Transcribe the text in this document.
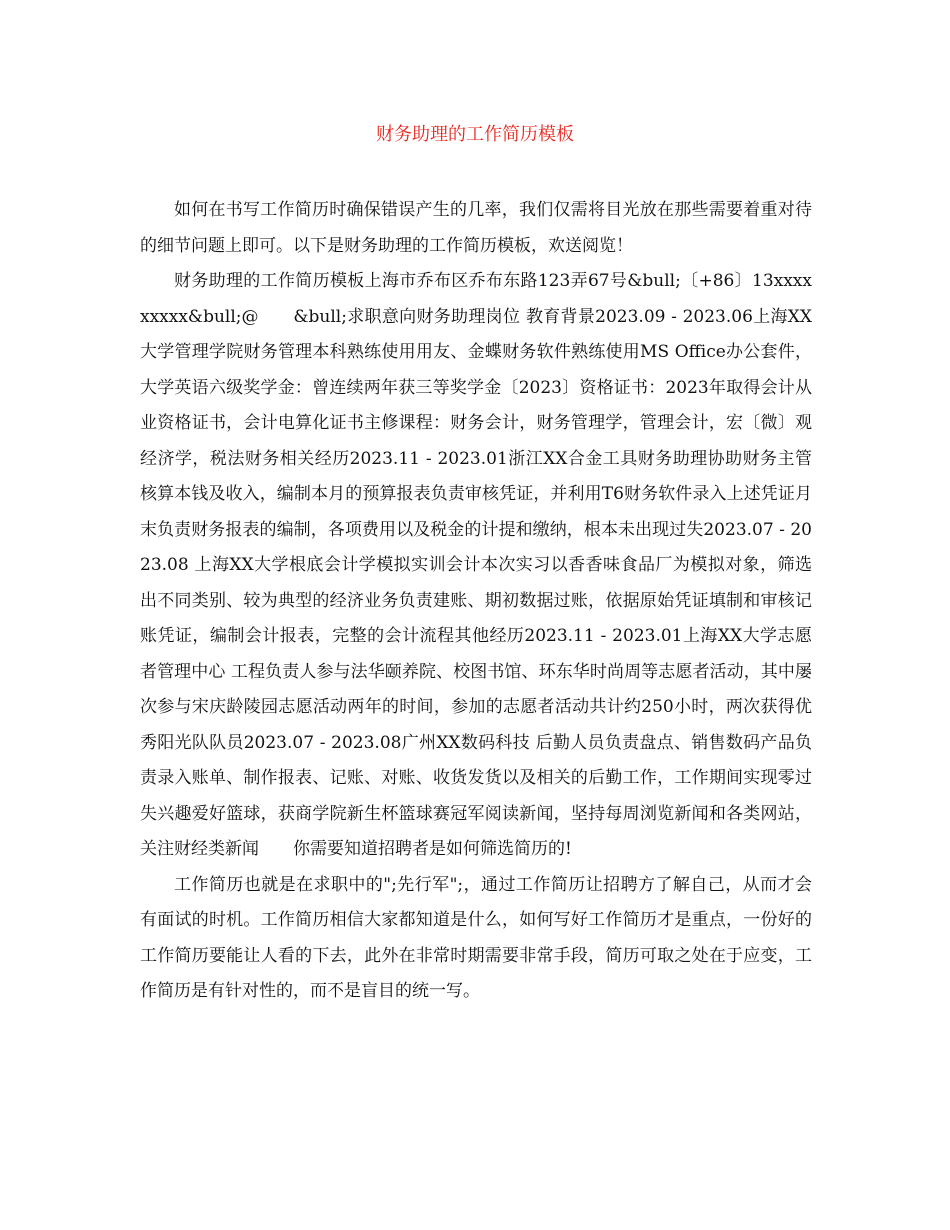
财务助理的工作简历模板

如何在书写工作简历时确保错误产生的几率，我们仅需将目光放在那些需要着重对待的细节问题上即可。以下是财务助理的工作简历模板，欢送阅览！

财务助理的工作简历模板上海市乔布区乔布东路123弄67号&bull;〔+86〕13xxxxxxxxx&bull;@　　&bull;求职意向财务助理岗位 教育背景2023.09 - 2023.06上海XX大学管理学院财务管理本科熟练使用用友、金蝶财务软件熟练使用MS Office办公套件，大学英语六级奖学金：曾连续两年获三等奖学金〔2023〕资格证书：2023年取得会计从业资格证书，会计电算化证书主修课程：财务会计，财务管理学，管理会计，宏〔微〕观经济学，税法财务相关经历2023.11 - 2023.01浙江XX合金工具财务助理协助财务主管核算本钱及收入，编制本月的预算报表负责审核凭证，并利用T6财务软件录入上述凭证月末负责财务报表的编制，各项费用以及税金的计提和缴纳，根本未出现过失2023.07 - 2023.08 上海XX大学根底会计学模拟实训会计本次实习以香香味食品厂为模拟对象，筛选出不同类别、较为典型的经济业务负责建账、期初数据过账，依据原始凭证填制和审核记账凭证，编制会计报表，完整的会计流程其他经历2023.11 - 2023.01上海XX大学志愿者管理中心 工程负责人参与法华颐养院、校图书馆、环东华时尚周等志愿者活动，其中屡次参与宋庆龄陵园志愿活动两年的时间，参加的志愿者活动共计约250小时，两次获得优秀阳光队队员2023.07 - 2023.08广州XX数码科技 后勤人员负责盘点、销售数码产品负责录入账单、制作报表、记账、对账、收货发货以及相关的后勤工作，工作期间实现零过失兴趣爱好篮球，获商学院新生杯篮球赛冠军阅读新闻，坚持每周浏览新闻和各类网站，关注财经类新闻　　你需要知道招聘者是如何筛选简历的!

工作简历也就是在求职中的";先行军";，通过工作简历让招聘方了解自己，从而才会有面试的时机。工作简历相信大家都知道是什么，如何写好工作简历才是重点，一份好的工作简历要能让人看的下去，此外在非常时期需要非常手段，简历可取之处在于应变，工作简历是有针对性的，而不是盲目的统一写。
